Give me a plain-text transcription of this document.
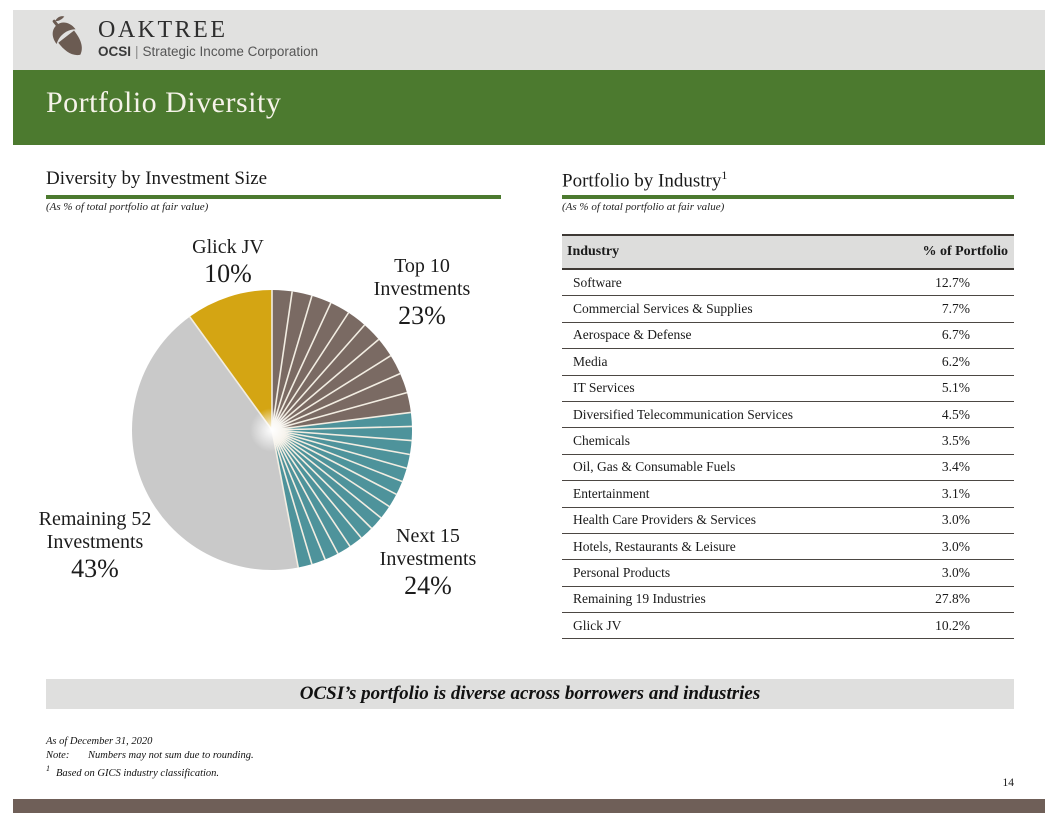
OAKTREE
OCSI | Strategic Income Corporation
Portfolio Diversity
Diversity by Investment Size
(As % of total portfolio at fair value)
Glick JV
10%	Top 10
Investments
23%
Remaining 52
Investments
43%
Next 15
Investments
24%
Portfolio by Industry$^1$
(As % of total portfolio at fair value)
Industry	% of Portfolio
Software	12.7%
Commercial Services & Supplies	7.7%
Aerospace & Defense	6.7%
Media	6.2%
IT Services	5.1%
Diversified Telecommunication Services	4.5%
Chemicals	3.5%
Oil, Gas & Consumable Fuels	3.4%
Entertainment	3.1%
Health Care Providers & Services	3.0%
Hotels, Restaurants & Leisure	3.0%
Personal Products	3.0%
Remaining 19 Industries	27.8%
Glick JV	10.2%
OCSI’s portfolio is diverse across borrowers and industries
As of December 31, 2020
Note: Numbers may not sum due to rounding.
$^1$ Based on GICS industry classification.
14
